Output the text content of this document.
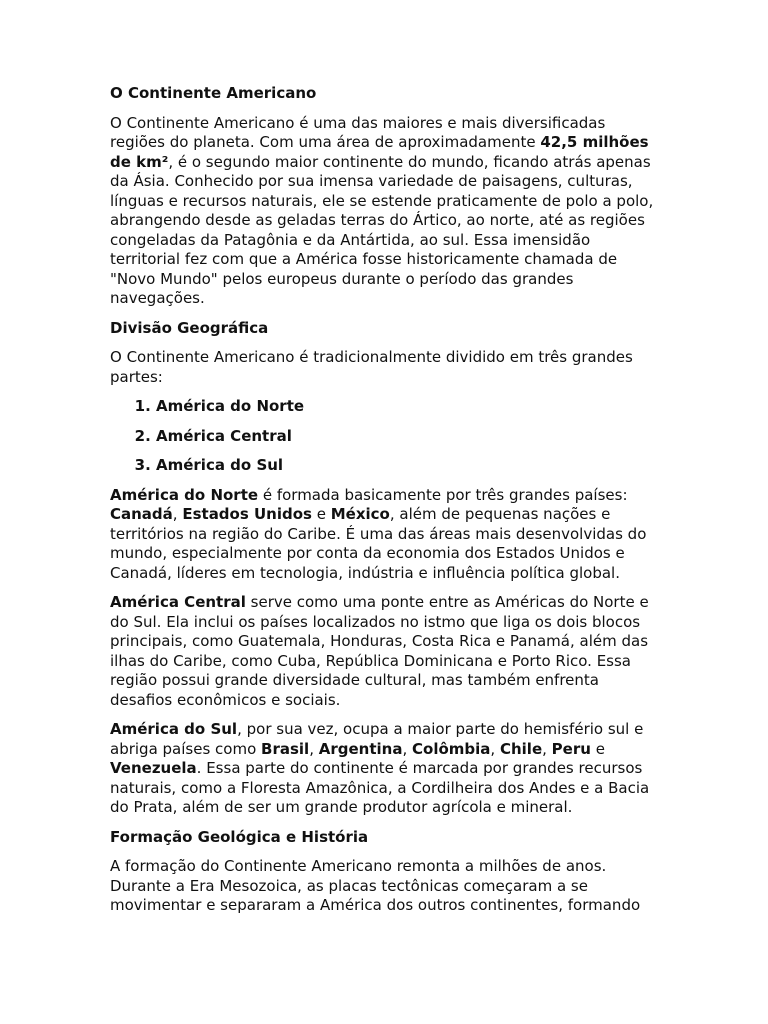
O Continente Americano

O Continente Americano é uma das maiores e mais diversificadas regiões do planeta. Com uma área de aproximadamente 42,5 milhões de km², é o segundo maior continente do mundo, ficando atrás apenas da Ásia. Conhecido por sua imensa variedade de paisagens, culturas, línguas e recursos naturais, ele se estende praticamente de polo a polo, abrangendo desde as geladas terras do Ártico, ao norte, até as regiões congeladas da Patagônia e da Antártida, ao sul. Essa imensidão territorial fez com que a América fosse historicamente chamada de "Novo Mundo" pelos europeus durante o período das grandes navegações.

Divisão Geográfica

O Continente Americano é tradicionalmente dividido em três grandes partes:

1. América do Norte
2. América Central
3. América do Sul

América do Norte é formada basicamente por três grandes países: Canadá, Estados Unidos e México, além de pequenas nações e territórios na região do Caribe. É uma das áreas mais desenvolvidas do mundo, especialmente por conta da economia dos Estados Unidos e Canadá, líderes em tecnologia, indústria e influência política global.

América Central serve como uma ponte entre as Américas do Norte e do Sul. Ela inclui os países localizados no istmo que liga os dois blocos principais, como Guatemala, Honduras, Costa Rica e Panamá, além das ilhas do Caribe, como Cuba, República Dominicana e Porto Rico. Essa região possui grande diversidade cultural, mas também enfrenta desafios econômicos e sociais.

América do Sul, por sua vez, ocupa a maior parte do hemisfério sul e abriga países como Brasil, Argentina, Colômbia, Chile, Peru e Venezuela. Essa parte do continente é marcada por grandes recursos naturais, como a Floresta Amazônica, a Cordilheira dos Andes e a Bacia do Prata, além de ser um grande produtor agrícola e mineral.

Formação Geológica e História

A formação do Continente Americano remonta a milhões de anos. Durante a Era Mesozoica, as placas tectônicas começaram a se movimentar e separaram a América dos outros continentes, formando
